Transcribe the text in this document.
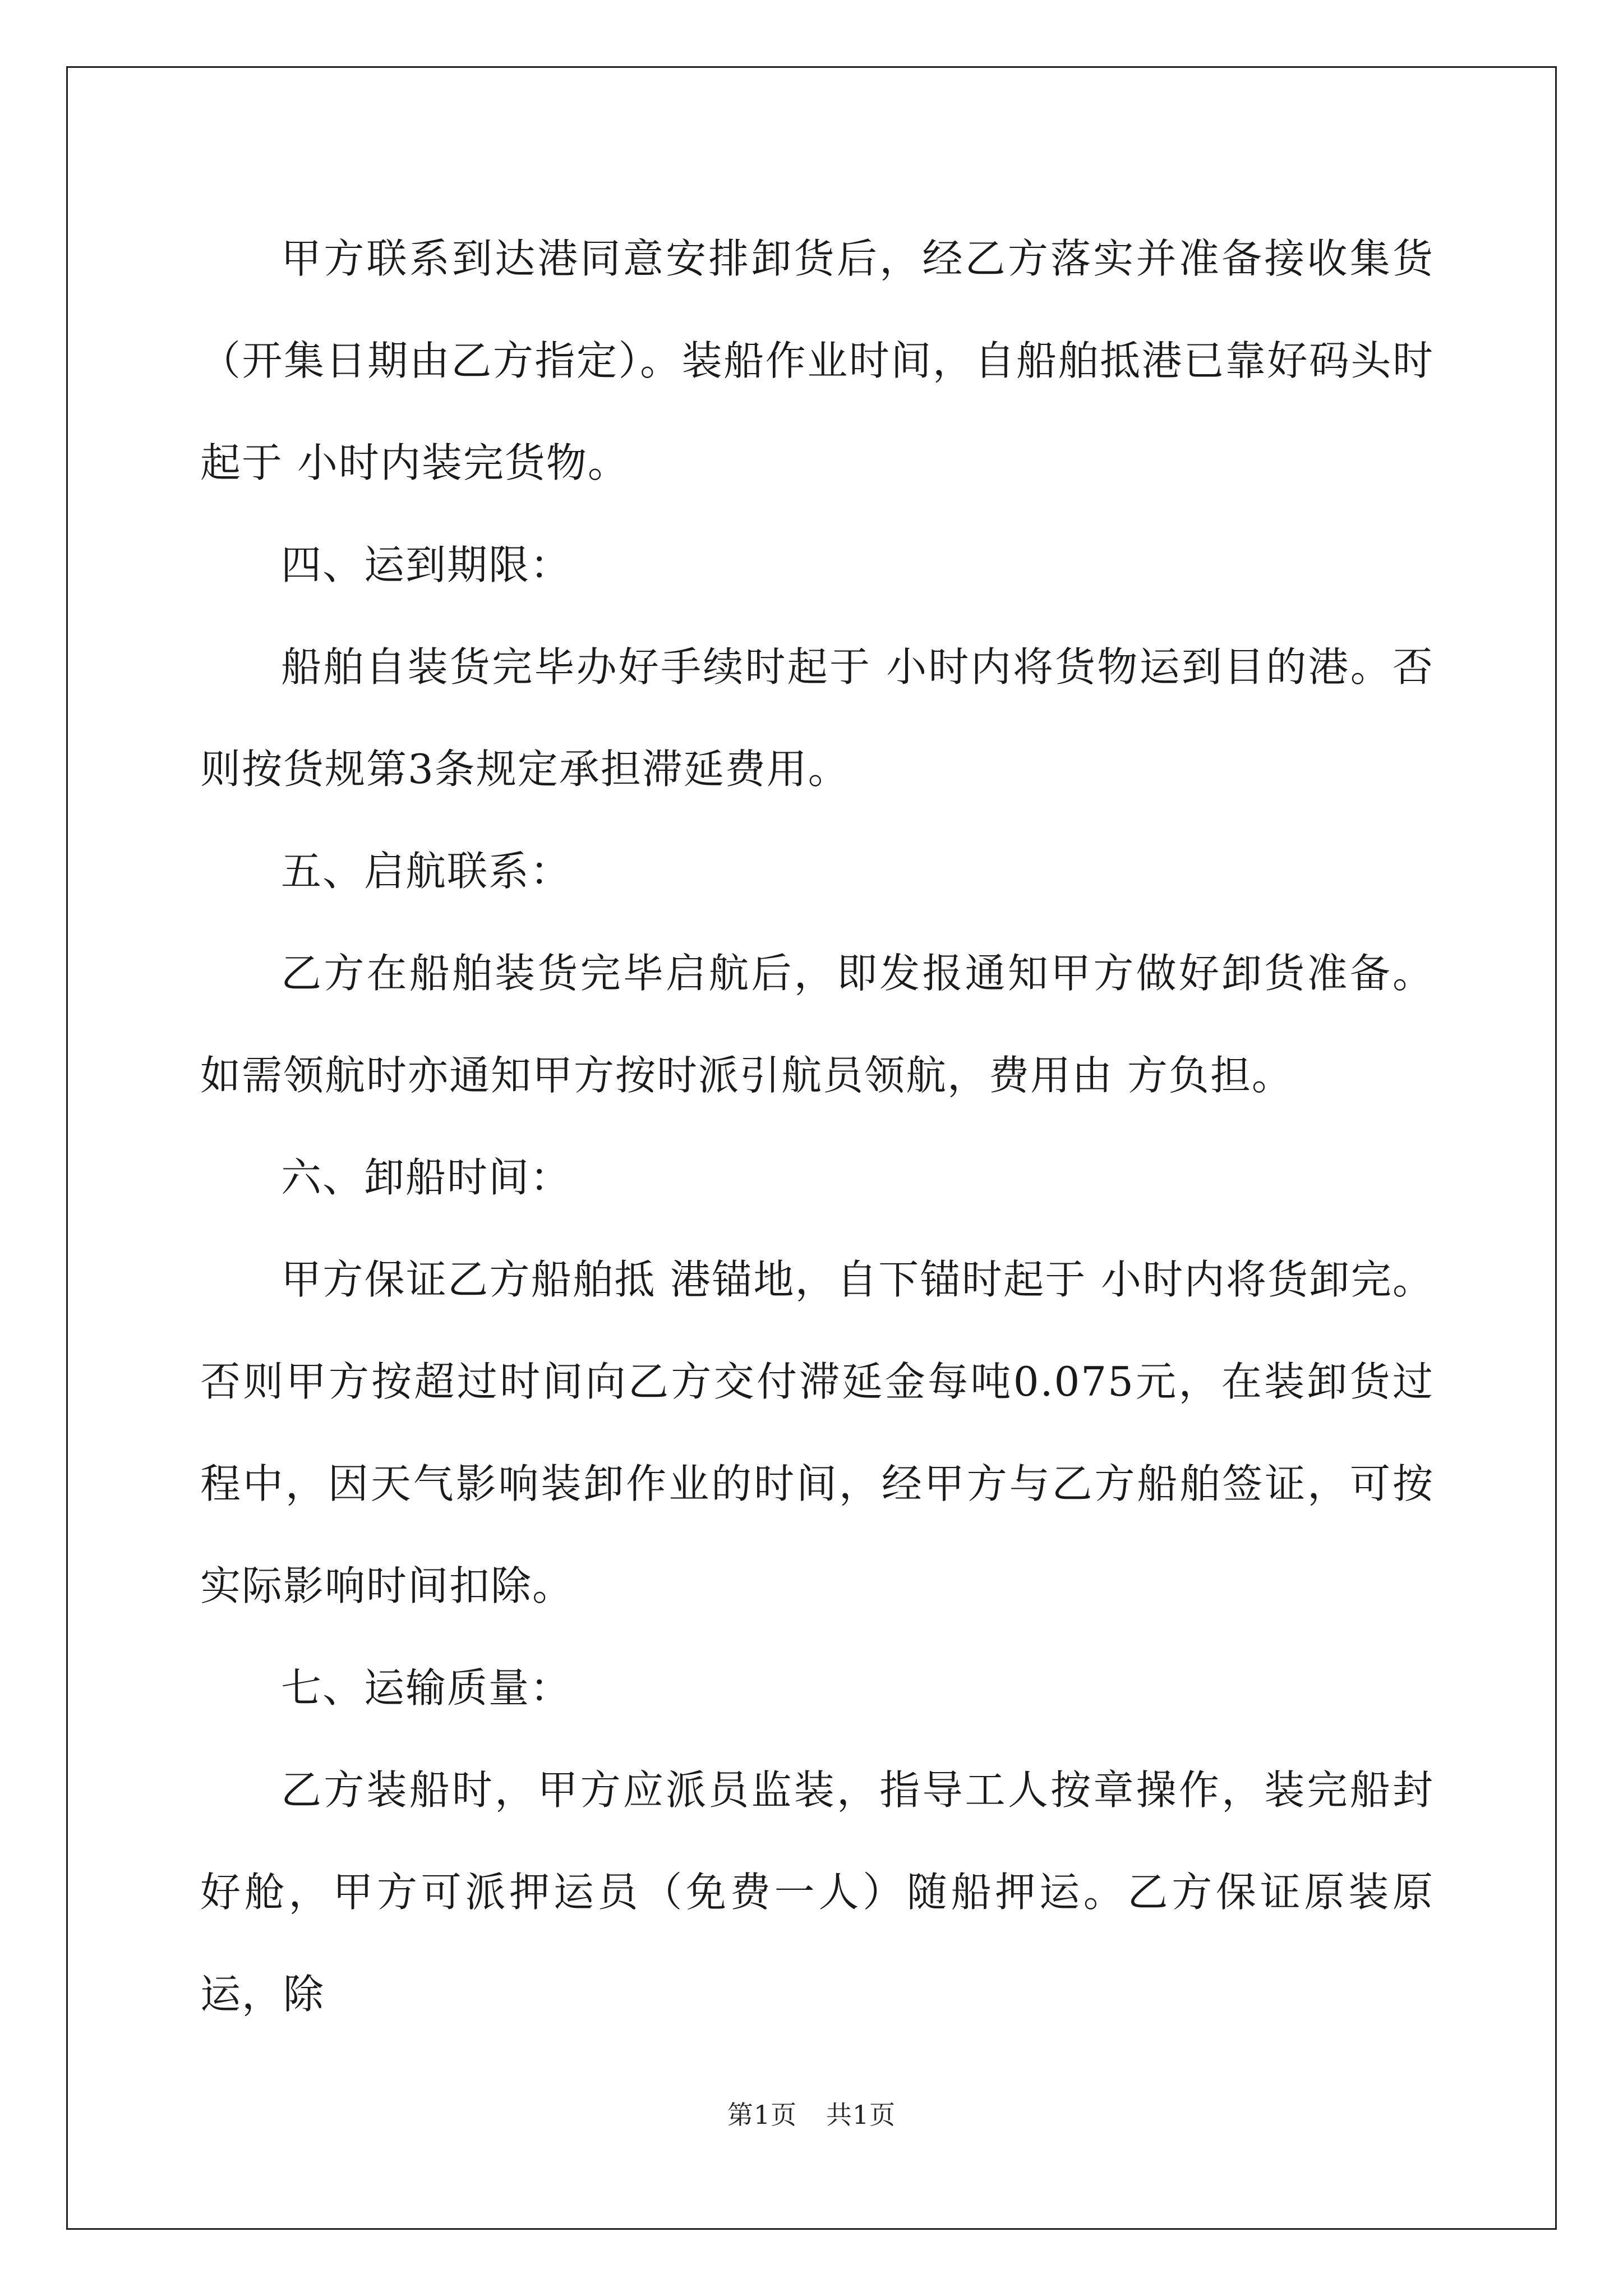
甲方联系到达港同意安排卸货后，经乙方落实并准备接收集货（开集日期由乙方指定）。装船作业时间，自船舶抵港已靠好码头时起于 小时内装完货物。

四、运到期限：

船舶自装货完毕办好手续时起于 小时内将货物运到目的港。否则按货规第3条规定承担滞延费用。

五、启航联系：

乙方在船舶装货完毕启航后，即发报通知甲方做好卸货准备。如需领航时亦通知甲方按时派引航员领航，费用由 方负担。

六、卸船时间：

甲方保证乙方船舶抵 港锚地，自下锚时起于 小时内将货卸完。否则甲方按超过时间向乙方交付滞延金每吨0.075元，在装卸货过程中，因天气影响装卸作业的时间，经甲方与乙方船舶签证，可按实际影响时间扣除。

七、运输质量：

乙方装船时，甲方应派员监装，指导工人按章操作，装完船封好舱，甲方可派押运员（免费一人）随船押运。乙方保证原装原运，除

第1页 共1页
